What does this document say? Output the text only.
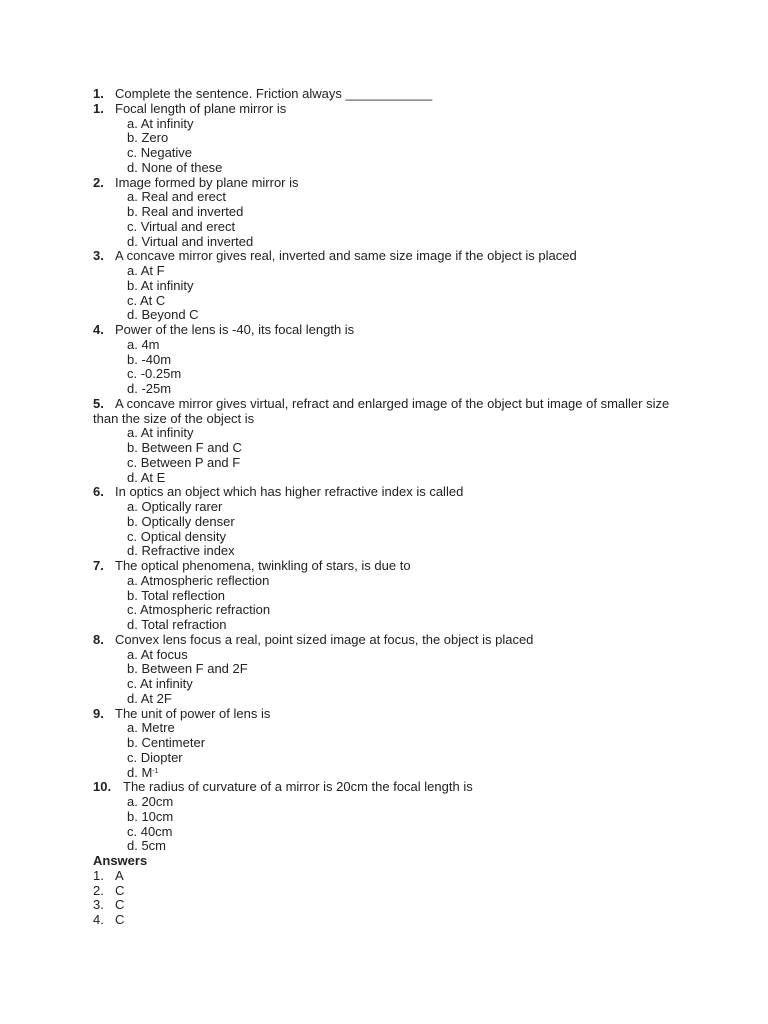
1. Complete the sentence. Friction always ____________
1. Focal length of plane mirror is
a. At infinity
b. Zero
c. Negative
d. None of these
2. Image formed by plane mirror is
a. Real and erect
b. Real and inverted
c. Virtual and erect
d. Virtual and inverted
3. A concave mirror gives real, inverted and same size image if the object is placed
a. At F
b. At infinity
c. At C
d. Beyond C
4. Power of the lens is -40, its focal length is
a. 4m
b. -40m
c. -0.25m
d. -25m
5. A concave mirror gives virtual, refract and enlarged image of the object but image of smaller size than the size of the object is
a. At infinity
b. Between F and C
c. Between P and F
d. At E
6. In optics an object which has higher refractive index is called
a. Optically rarer
b. Optically denser
c. Optical density
d. Refractive index
7. The optical phenomena, twinkling of stars, is due to
a. Atmospheric reflection
b. Total reflection
c. Atmospheric refraction
d. Total refraction
8. Convex lens focus a real, point sized image at focus, the object is placed
a. At focus
b. Between F and 2F
c. At infinity
d. At 2F
9. The unit of power of lens is
a. Metre
b. Centimeter
c. Diopter
d. $M^{-1}$
10. The radius of curvature of a mirror is 20cm the focal length is
a. 20cm
b. 10cm
c. 40cm
d. 5cm
Answers
1. A
2. C
3. C
4. C
